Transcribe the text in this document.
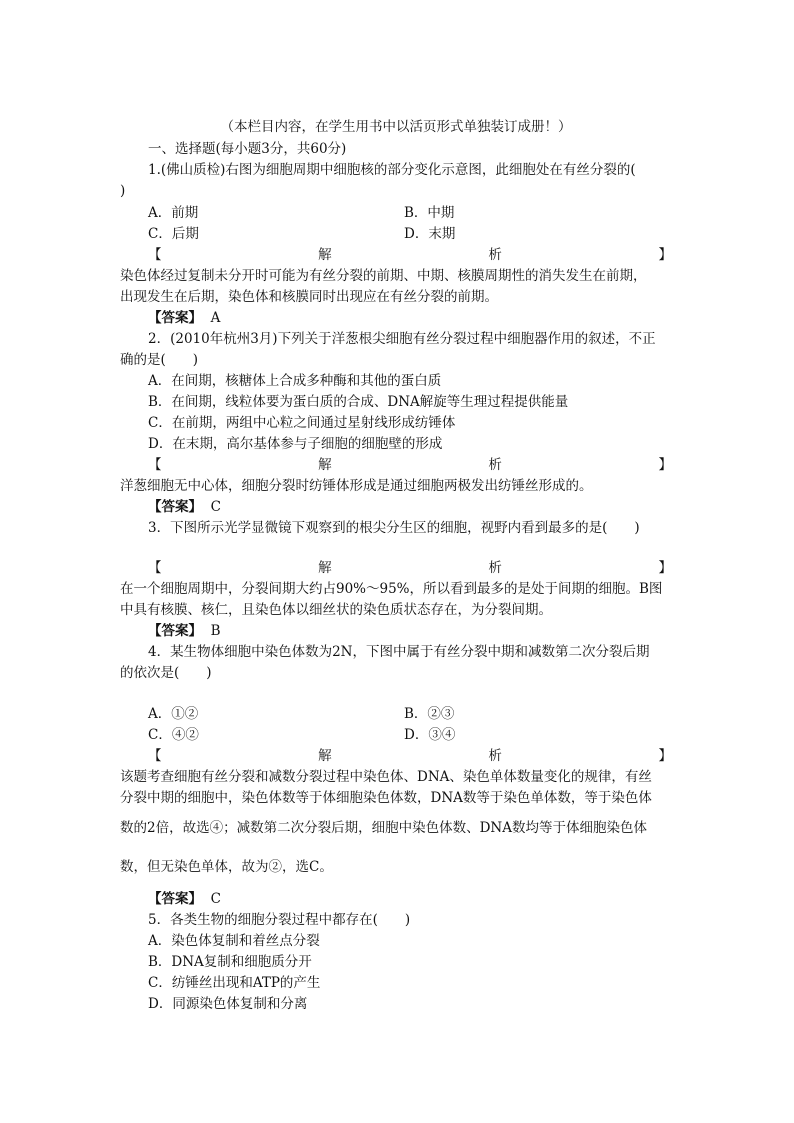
（本栏目内容，在学生用书中以活页形式单独装订成册！）
一、选择题(每小题3分，共60分)
1.(佛山质检)右图为细胞周期中细胞核的部分变化示意图，此细胞处在有丝分裂的(
)
A．前期	B．中期
C．后期	D．末期
【	解	析	】
染色体经过复制未分开时可能为有丝分裂的前期、中期、核膜周期性的消失发生在前期，
出现发生在后期，染色体和核膜同时出现应在有丝分裂的前期。
【答案】 A
2．(2010年杭州3月)下列关于洋葱根尖细胞有丝分裂过程中细胞器作用的叙述，不正
确的是(　　)
A．在间期，核糖体上合成多种酶和其他的蛋白质
B．在间期，线粒体要为蛋白质的合成、DNA解旋等生理过程提供能量
C．在前期，两组中心粒之间通过星射线形成纺锤体
D．在末期，高尔基体参与子细胞的细胞壁的形成
【	解	析	】
洋葱细胞无中心体，细胞分裂时纺锤体形成是通过细胞两极发出纺锤丝形成的。
【答案】 C
3．下图所示光学显微镜下观察到的根尖分生区的细胞，视野内看到最多的是(　　)
【	解	析	】
在一个细胞周期中，分裂间期大约占90%～95%，所以看到最多的是处于间期的细胞。B图
中具有核膜、核仁，且染色体以细丝状的染色质状态存在，为分裂间期。
【答案】 B
4．某生物体细胞中染色体数为2N，下图中属于有丝分裂中期和减数第二次分裂后期
的依次是(　　)
A．①②	B．②③
C．④②	D．③④
【	解	析	】
该题考查细胞有丝分裂和减数分裂过程中染色体、DNA、染色单体数量变化的规律，有丝
分裂中期的细胞中，染色体数等于体细胞染色体数，DNA数等于染色单体数，等于染色体
数的2倍，故选④；减数第二次分裂后期，细胞中染色体数、DNA数均等于体细胞染色体
数，但无染色单体，故为②，选C。
【答案】 C
5．各类生物的细胞分裂过程中都存在(　　)
A．染色体复制和着丝点分裂
B．DNA复制和细胞质分开
C．纺锤丝出现和ATP的产生
D．同源染色体复制和分离
